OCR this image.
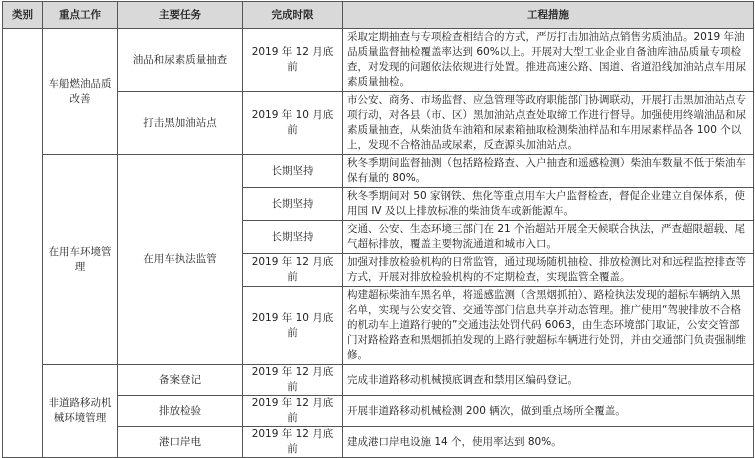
类别	重点工作	主要任务	完成时限	工程措施
	车船燃油品质改善	油品和尿素质量抽查	2019 年 12 月底前	采取定期抽查与专项检查相结合的方式，严厉打击加油站点销售劣质油品。2019 年油品质量监督抽检覆盖率达到 60%以上。开展对大型工业企业自备油库油品质量专项检查，对发现的问题依法依规进行处置。推进高速公路、国道、省道沿线加油站点车用尿素质量抽检。
		打击黑加油站点	2019 年 10 月底前	市公安、商务、市场监督、应急管理等政府职能部门协调联动，开展打击黑加油站点专项行动，对各县（市、区）黑加油站点查处取缔工作进行督导。加强使用终端油品和尿素质量抽查，从柴油货车油箱和尿素箱抽取检测柴油样品和车用尿素样品各 100 个以上，发现不合格油品或尿素，反查源头加油站点。
	在用车环境管理	在用车执法监管	长期坚持	秋冬季期间监督抽测（包括路检路查、入户抽查和遥感检测）柴油车数量不低于柴油车保有量的 80%。
			长期坚持	秋冬季期间对 50 家钢铁、焦化等重点用车大户监督检查，督促企业建立自保体系，使用国 IV 及以上排放标准的柴油货车或新能源车。
			长期坚持	交通、公安、生态环境三部门在 21 个治超站开展全天候联合执法，严查超限超载、尾气超标排放，覆盖主要物流通道和城市入口。
			2019 年 12 月底前	加强对排放检验机构的日常监管，通过现场随机抽检、排放检测比对和远程监控排查等方式，开展对排放检验机构的不定期检查，实现监管全覆盖。
			2019 年 10 月底前	构建超标柴油车黑名单，将遥感监测（含黑烟抓拍）、路检执法发现的超标车辆纳入黑名单，实现与公安交管、交通等部门信息共享并动态管理。推广使用“驾驶排放不合格的机动车上道路行驶的”交通违法处罚代码 6063，由生态环境部门取证，公安交管部门对路检路查和黑烟抓拍发现的上路行驶超标车辆进行处罚，并由交通部门负责强制维修。
	非道路移动机械环境管理	备案登记	2019 年 12 月底前	完成非道路移动机械摸底调查和禁用区编码登记。
		排放检验	2019 年 12 月底前	开展非道路移动机械检测 200 辆次，做到重点场所全覆盖。
		港口岸电	2019 年 12 月底前	建成港口岸电设施 14 个，使用率达到 80%。
